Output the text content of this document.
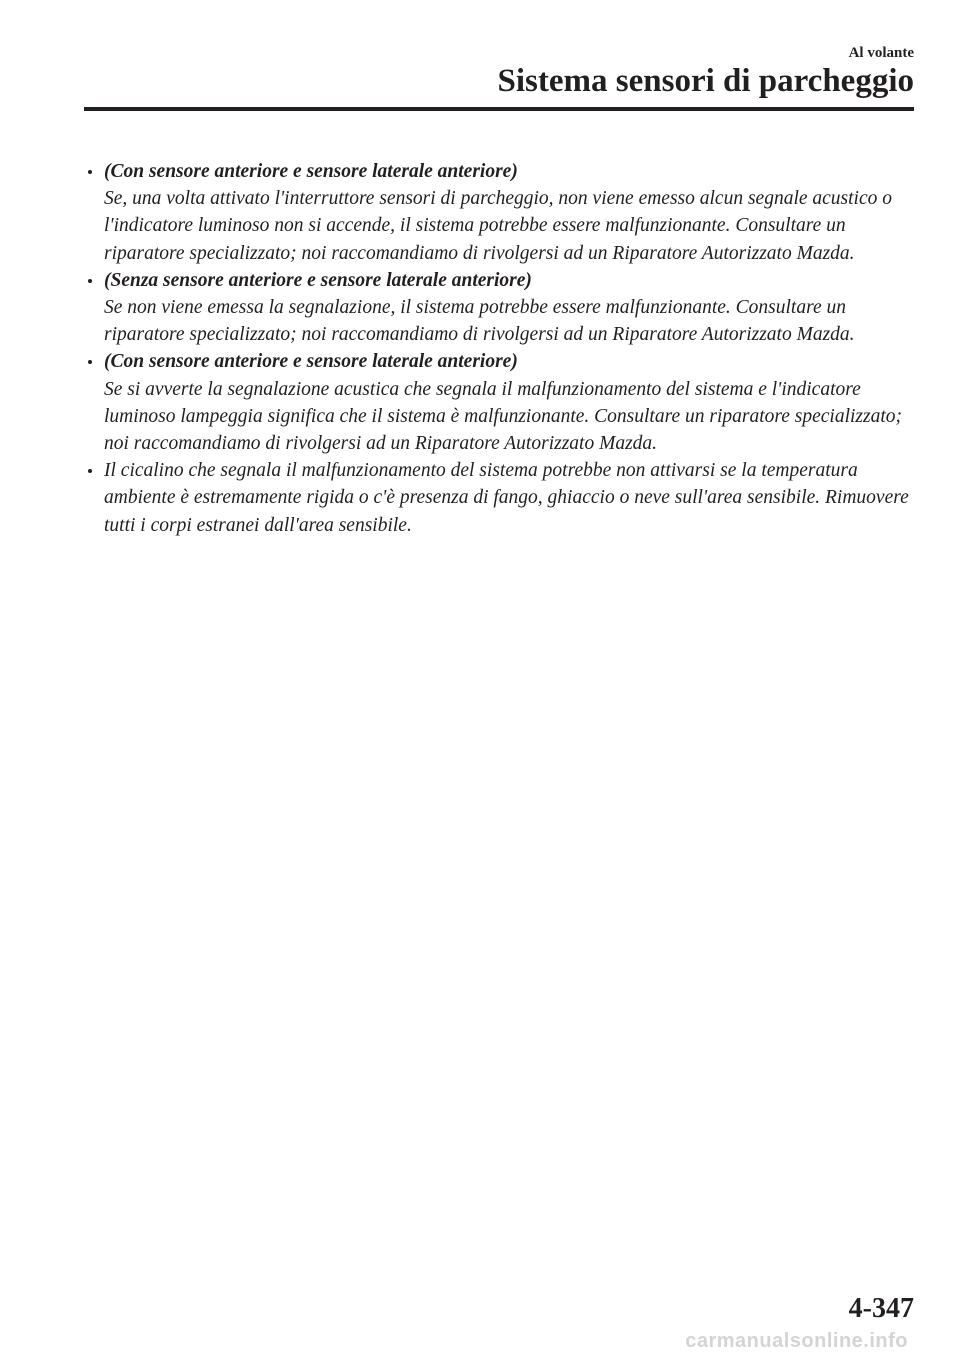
Al volante
Sistema sensori di parcheggio
(Con sensore anteriore e sensore laterale anteriore)
Se, una volta attivato l'interruttore sensori di parcheggio, non viene emesso alcun segnale acustico o l'indicatore luminoso non si accende, il sistema potrebbe essere malfunzionante. Consultare un riparatore specializzato; noi raccomandiamo di rivolgersi ad un Riparatore Autorizzato Mazda.
(Senza sensore anteriore e sensore laterale anteriore)
Se non viene emessa la segnalazione, il sistema potrebbe essere malfunzionante. Consultare un riparatore specializzato; noi raccomandiamo di rivolgersi ad un Riparatore Autorizzato Mazda.
(Con sensore anteriore e sensore laterale anteriore)
Se si avverte la segnalazione acustica che segnala il malfunzionamento del sistema e l'indicatore luminoso lampeggia significa che il sistema è malfunzionante. Consultare un riparatore specializzato; noi raccomandiamo di rivolgersi ad un Riparatore Autorizzato Mazda.
Il cicalino che segnala il malfunzionamento del sistema potrebbe non attivarsi se la temperatura ambiente è estremamente rigida o c'è presenza di fango, ghiaccio o neve sull'area sensibile. Rimuovere tutti i corpi estranei dall'area sensibile.
4-347
carmanualsonline.info
